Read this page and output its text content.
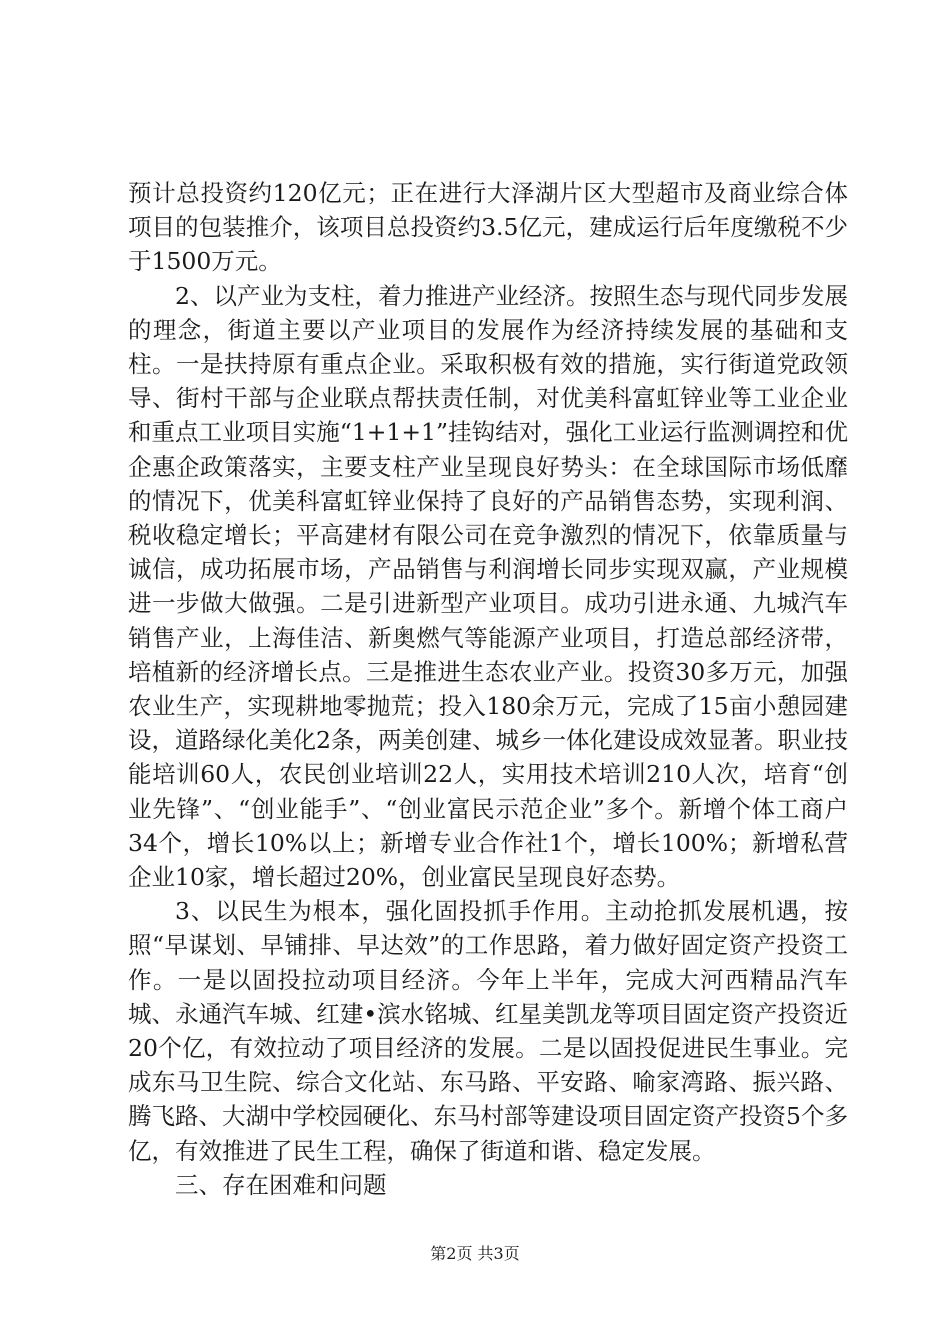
预计总投资约120亿元；正在进行大泽湖片区大型超市及商业综合体项目的包装推介，该项目总投资约3.5亿元，建成运行后年度缴税不少于1500万元。

2、以产业为支柱，着力推进产业经济。按照生态与现代同步发展的理念，街道主要以产业项目的发展作为经济持续发展的基础和支柱。一是扶持原有重点企业。采取积极有效的措施，实行街道党政领导、街村干部与企业联点帮扶责任制，对优美科富虹锌业等工业企业和重点工业项目实施“1+1+1”挂钩结对，强化工业运行监测调控和优企惠企政策落实，主要支柱产业呈现良好势头：在全球国际市场低靡的情况下，优美科富虹锌业保持了良好的产品销售态势，实现利润、税收稳定增长；平高建材有限公司在竞争激烈的情况下，依靠质量与诚信，成功拓展市场，产品销售与利润增长同步实现双赢，产业规模进一步做大做强。二是引进新型产业项目。成功引进永通、九城汽车销售产业，上海佳洁、新奥燃气等能源产业项目，打造总部经济带，培植新的经济增长点。三是推进生态农业产业。投资30多万元，加强农业生产，实现耕地零抛荒；投入180余万元，完成了15亩小憩园建设，道路绿化美化2条，两美创建、城乡一体化建设成效显著。职业技能培训60人，农民创业培训22人，实用技术培训210人次，培育“创业先锋”、“创业能手”、“创业富民示范企业”多个。新增个体工商户34个，增长10%以上；新增专业合作社1个，增长100%；新增私营企业10家，增长超过20%，创业富民呈现良好态势。

3、以民生为根本，强化固投抓手作用。主动抢抓发展机遇，按照“早谋划、早铺排、早达效”的工作思路，着力做好固定资产投资工作。一是以固投拉动项目经济。今年上半年，完成大河西精品汽车城、永通汽车城、红建•滨水铭城、红星美凯龙等项目固定资产投资近20个亿，有效拉动了项目经济的发展。二是以固投促进民生事业。完成东马卫生院、综合文化站、东马路、平安路、喻家湾路、振兴路、腾飞路、大湖中学校园硬化、东马村部等建设项目固定资产投资5个多亿，有效推进了民生工程，确保了街道和谐、稳定发展。

三、存在困难和问题

第2页 共3页
